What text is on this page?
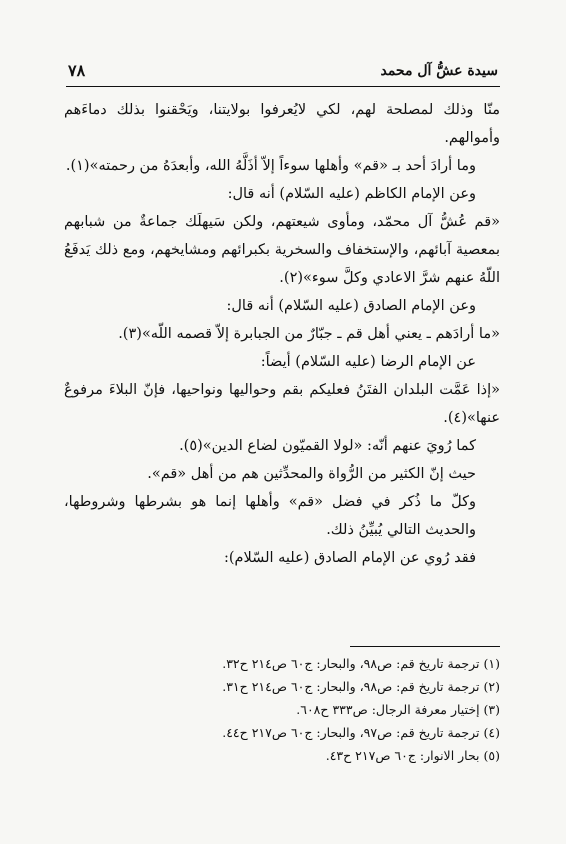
سيدة عشُّ آل محمد
٧٨

منّا وذلك لمصلحة لهم، لكي لايُعرفوا بولايتنا، ويَحْقنوا بذلك دماءَهم وأموالهم.

وما أرادَ أحد بـ «قم» وأهلها سوءاً إلاّ أذَلَّهُ الله، وأبعدَهُ من رحمته»(١).

وعن الإمام الكاظم (عليه السّلام) أنه قال:

«قم عُشُّ آل محمّد، ومأوى شيعتهم، ولكن سَيهلَك جماعةٌ من شبابهم بمعصية آبائهم، والإستخفاف والسخرية بكبرائهم ومشايخهم، ومع ذلك يَدفَعُ اللّهُ عنهم شرَّ الاعادي وكلَّ سوء»(٢).

وعن الإمام الصادق (عليه السّلام) أنه قال:

«ما أرادَهم ـ يعني أهل قم ـ جبّارٌ من الجبابرة إلاّ قصمه اللّه»(٣).

عن الإمام الرضا (عليه السّلام) أيضاً:

«إذا عَمَّت البلدان الفتَنُ فعليكم بقم وحواليها ونواحيها، فإنّ البلاءَ مرفوعٌ عنها»(٤).

كما رُويَ عنهم أنّه: «لولا القميّون لضاع الدين»(٥).

حيث إنّ الكثير من الرُّواة والمحدِّثين هم من أهل «قم».

وكلّ ما ذُكر في فضل «قم» وأهلها إنما هو بشرطها وشروطها، والحديث التالي يُبيِّنُ ذلك.

فقد رُوي عن الإمام الصادق (عليه السّلام):

(١) ترجمة تاريخ قم: ص٩٨، والبحار: ج٦٠ ص٢١٤ ح٣٢.
(٢) ترجمة تاريخ قم: ص٩٨، والبحار: ج٦٠ ص٢١٤ ح٣١.
(٣) إختيار معرفة الرجال: ص٣٣٣ ح٦٠٨.
(٤) ترجمة تاريخ قم: ص٩٧، والبحار: ج٦٠ ص٢١٧ ح٤٤.
(٥) بحار الانوار: ج٦٠ ص٢١٧ ح٤٣.
